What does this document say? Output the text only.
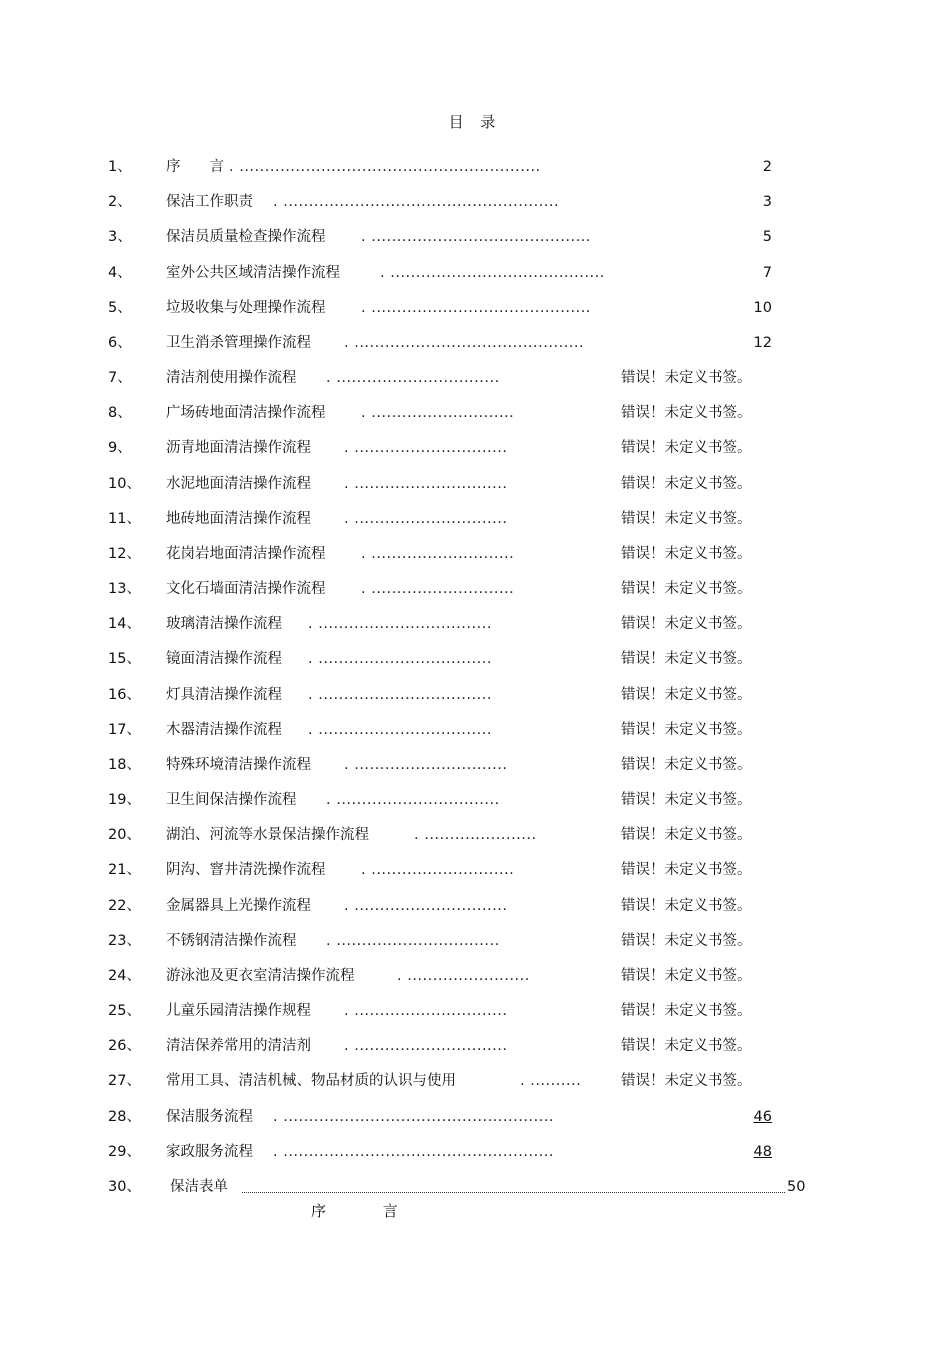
目 录
1、	序　　言 . ...........................................................	2
2、	保洁工作职责 . ......................................................	3
3、	保洁员质量检查操作流程 . ...........................................	5
4、	室外公共区域清洁操作流程	. ..........................................	7
5、	垃圾收集与处理操作流程 . ...........................................	10
6、	卫生消杀管理操作流程 . .............................................	12
7、	清洁剂使用操作流程 . ................................	错误！未定义书签。
8、	广场砖地面清洁操作流程 . ............................	错误！未定义书签。
9、	沥青地面清洁操作流程 . ..............................	错误！未定义书签。
10、	水泥地面清洁操作流程 . ..............................	错误！未定义书签。
11、	地砖地面清洁操作流程 . ..............................	错误！未定义书签。
12、	花岗岩地面清洁操作流程 . ............................	错误！未定义书签。
13、	文化石墙面清洁操作流程 . ............................	错误！未定义书签。
14、	玻璃清洁操作流程 . ..................................	错误！未定义书签。
15、	镜面清洁操作流程 . ..................................	错误！未定义书签。
16、	灯具清洁操作流程 . ..................................	错误！未定义书签。
17、	木器清洁操作流程 . ..................................	错误！未定义书签。
18、	特殊环境清洁操作流程 . ..............................	错误！未定义书签。
19、	卫生间保洁操作流程 . ................................	错误！未定义书签。
20、	湖泊、河流等水景保洁操作流程	. ......................	错误！未定义书签。
21、	阴沟、窨井清洗操作流程 . ............................	错误！未定义书签。
22、	金属器具上光操作流程 . ..............................	错误！未定义书签。
23、	不锈钢清洁操作流程 . ................................	错误！未定义书签。
24、	游泳池及更衣室清洁操作流程	. ........................	错误！未定义书签。
25、	儿童乐园清洁操作规程 . ..............................	错误！未定义书签。
26、	清洁保养常用的清洁剂 . ..............................	错误！未定义书签。
27、	常用工具、清洁机械、物品材质的认识与使用	. ..........	错误！未定义书签。
28、	保洁服务流程 . .....................................................	46
29、	家政服务流程 . .....................................................	48
30、	保洁表单	50
序 言
